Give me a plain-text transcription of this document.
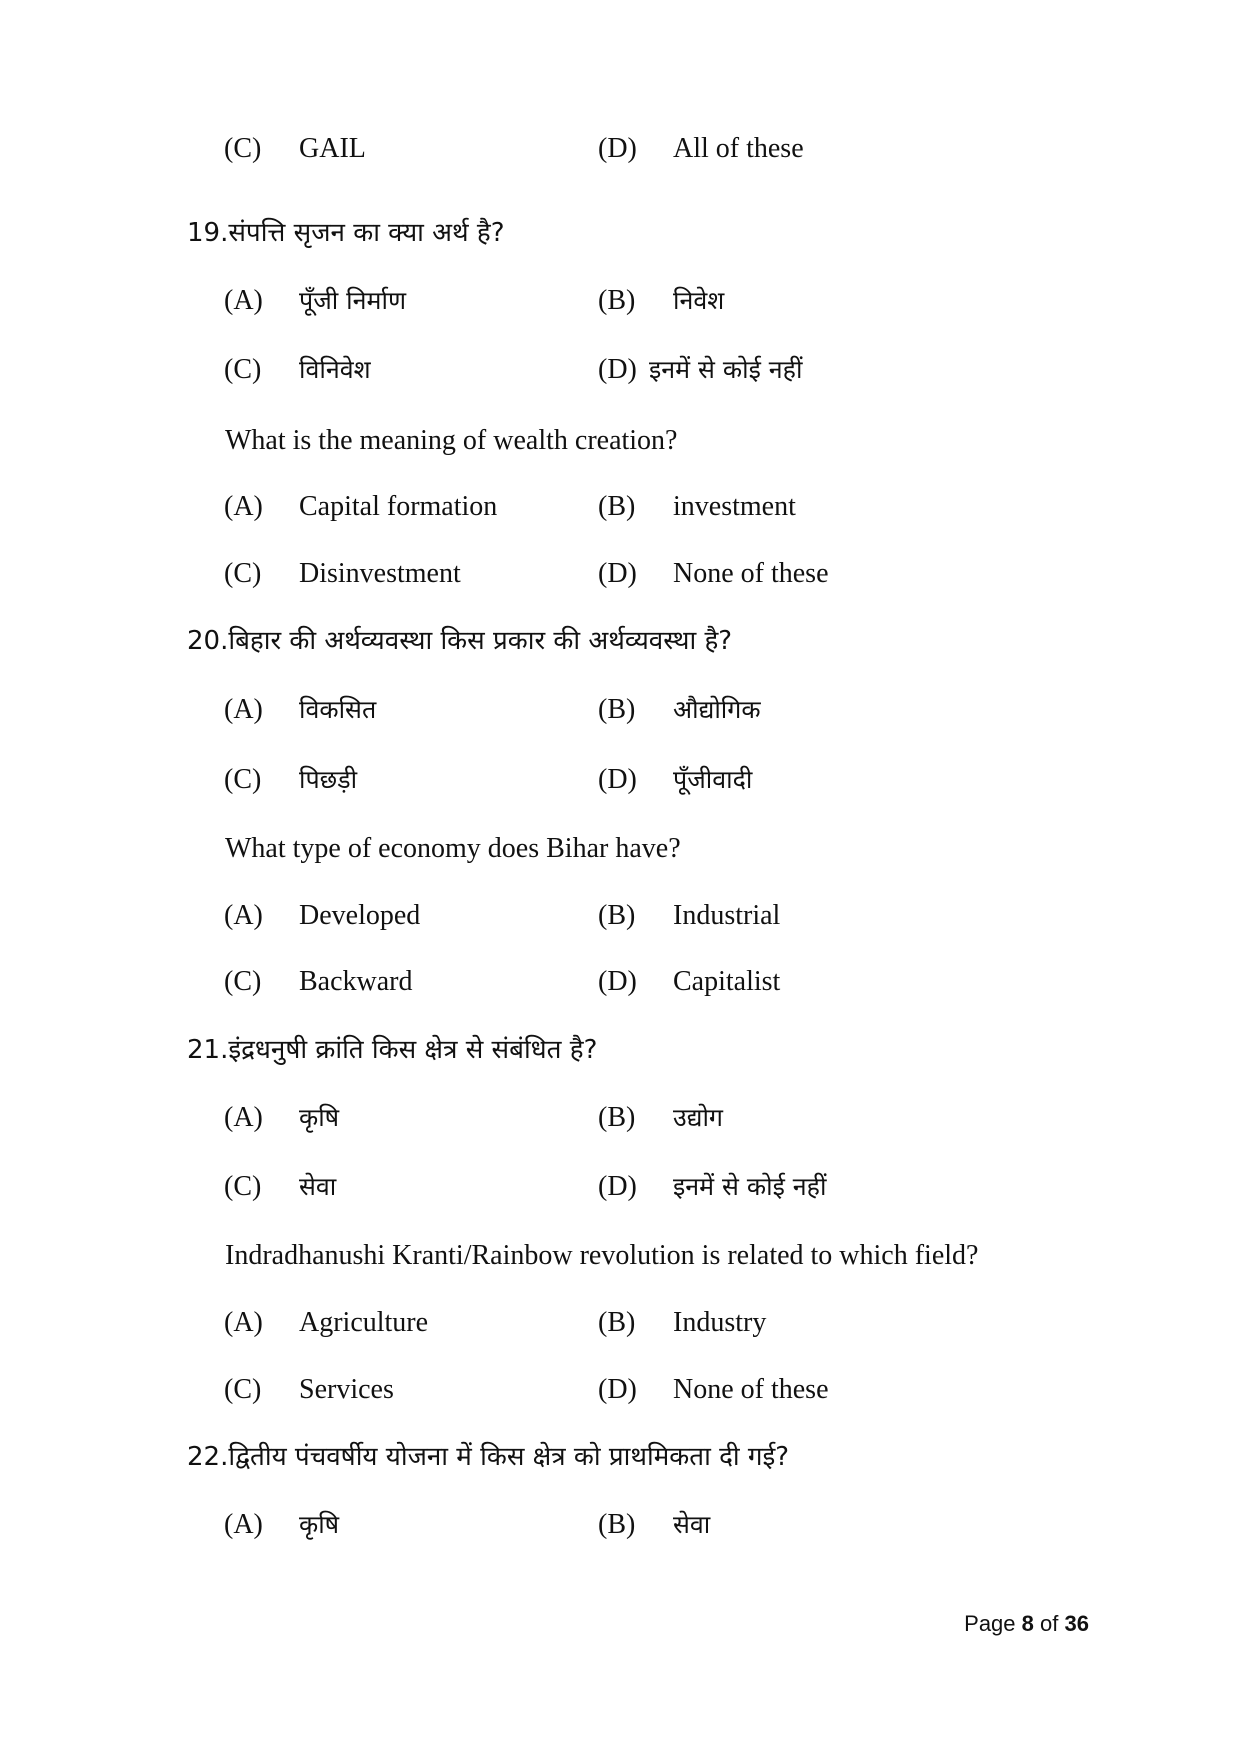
(C) GAIL	(D) All of these
19.संपत्ति सृजन का क्या अर्थ है?
(A) पूँजी निर्माण	(B) निवेश
(C) विनिवेश	(D) इनमें से कोई नहीं
What is the meaning of wealth creation?
(A) Capital formation	(B) investment
(C) Disinvestment	(D) None of these
20.बिहार की अर्थव्यवस्था किस प्रकार की अर्थव्यवस्था है?
(A) विकसित	(B) औद्योगिक
(C) पिछड़ी	(D) पूँजीवादी
What type of economy does Bihar have?
(A) Developed	(B) Industrial
(C) Backward	(D) Capitalist
21.इंद्रधनुषी क्रांति किस क्षेत्र से संबंधित है?
(A) कृषि	(B) उद्योग
(C) सेवा	(D) इनमें से कोई नहीं
Indradhanushi Kranti/Rainbow revolution is related to which field?
(A) Agriculture	(B) Industry
(C) Services	(D) None of these
22.द्वितीय पंचवर्षीय योजना में किस क्षेत्र को प्राथमिकता दी गई?
(A) कृषि	(B) सेवा
Page 8 of 36
